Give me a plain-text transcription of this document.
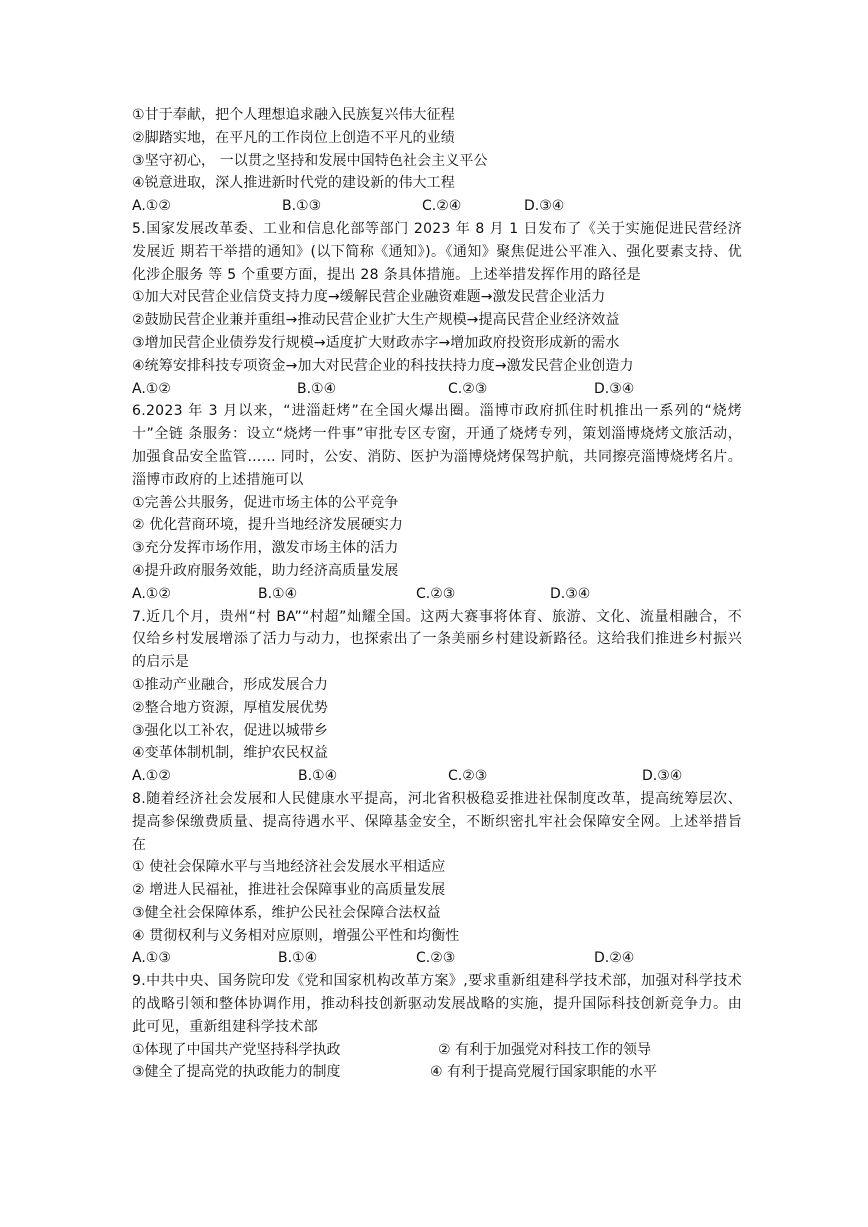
①甘于奉献，把个人理想追求融入民族复兴伟大征程
②脚踏实地，在平凡的工作岗位上创造不平凡的业绩
③坚守初心， 一以贯之坚持和发展中国特色社会主义平公
④锐意进取，深人推进新时代党的建设新的伟大工程
A.①②	B.①③	C.②④	D.③④
5.国家发展改革委、工业和信息化部等部门 2023 年 8 月 1 日发布了《关于实施促进民营经济发展近 期若干举措的通知》(以下简称《通知》)。《通知》聚焦促进公平准入、强化要素支持、优化涉企服务 等 5 个重要方面，提出 28 条具体措施。上述举措发挥作用的路径是
①加大对民营企业信贷支持力度→缓解民营企业融资难题→激发民营企业活力
②鼓励民营企业兼并重组→推动民营企业扩大生产规模→提高民营企业经济效益
③增加民营企业债券发行规模→适度扩大财政赤字→增加政府投资形成新的需水
④统筹安排科技专项资金→加大对民营企业的科技扶持力度→激发民营企业创造力
A.①②	B.①④	C.②③	D.③④
6.2023 年 3 月以来，“进淄赶烤”在全国火爆出圈。淄博市政府抓住时机推出一系列的“烧烤十”全链 条服务：设立“烧烤一件事”审批专区专窗，开通了烧烤专列，策划淄博烧烤文旅活动，加强食品安全监管…… 同时，公安、消防、医护为淄博烧烤保驾护航，共同擦亮淄博烧烤名片。淄博市政府的上述措施可以
①完善公共服务，促进市场主体的公平竞争
② 优化营商环境，提升当地经济发展硬实力
③充分发挥市场作用，激发市场主体的活力
④提升政府服务效能，助力经济高质量发展
A.①②	B.①④	C.②③	D.③④
7.近几个月，贵州“村 BA”“村超”灿耀全国。这两大赛事将体育、旅游、文化、流量相融合，不仅给乡村发展增添了活力与动力，也探索出了一条美丽乡村建设新路径。这给我们推进乡村振兴的启示是
①推动产业融合，形成发展合力
②整合地方资源，厚植发展优势
③强化以工补农，促进以城带乡
④变革体制机制，维护农民权益
A.①②	B.①④	C.②③	D.③④
8.随着经济社会发展和人民健康水平提高，河北省积极稳妥推进社保制度改革，提高统筹层次、提高参保缴费质量、提高待遇水平、保障基金安全，不断织密扎牢社会保障安全网。上述举措旨在
① 使社会保障水平与当地经济社会发展水平相适应
② 增进人民福祉，推进社会保障事业的高质量发展
③健全社会保障体系，维护公民社会保障合法权益
④ 贯彻权利与义务相对应原则，增强公平性和均衡性
A.①③	B.①④	C.②③	D.②④
9.中共中央、国务院印发《党和国家机构改革方案》,要求重新组建科学技术部，加强对科学技术的战略引领和整体协调作用，推动科技创新驱动发展战略的实施，提升国际科技创新竞争力。由此可见，重新组建科学技术部
①体现了中国共产党坚持科学执政	② 有利于加强党对科技工作的领导
③健全了提高党的执政能力的制度	④ 有利于提高党履行国家职能的水平
